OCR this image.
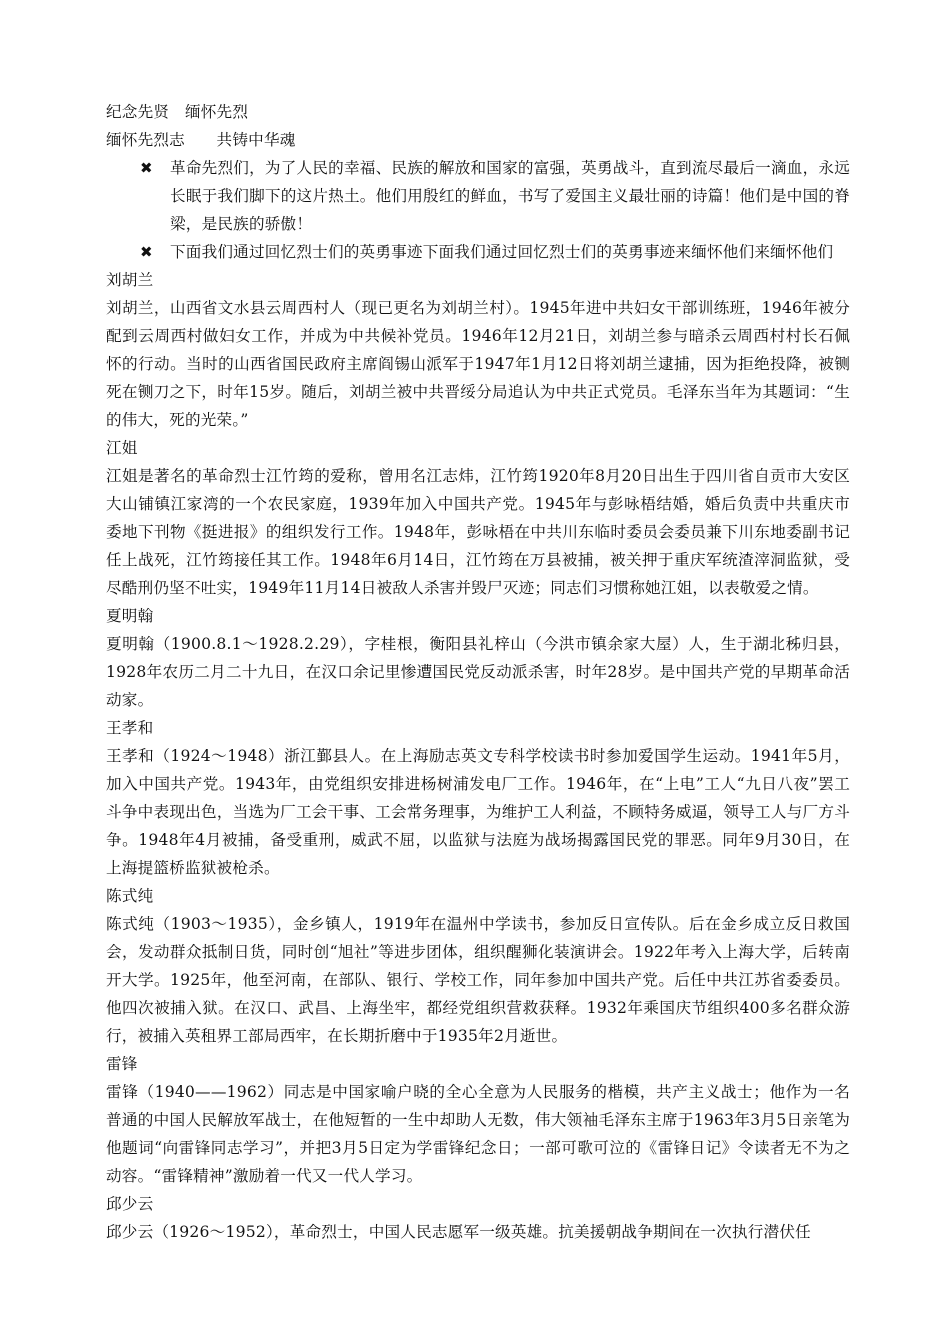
纪念先贤　缅怀先烈

缅怀先烈志　　共铸中华魂

✖ 革命先烈们，为了人民的幸福、民族的解放和国家的富强，英勇战斗，直到流尽最后一滴血，永远长眠于我们脚下的这片热土。他们用殷红的鲜血，书写了爱国主义最壮丽的诗篇！他们是中国的脊梁，是民族的骄傲！
✖ 下面我们通过回忆烈士们的英勇事迹下面我们通过回忆烈士们的英勇事迹来缅怀他们来缅怀他们

刘胡兰

刘胡兰，山西省文水县云周西村人（现已更名为刘胡兰村）。1945年进中共妇女干部训练班，1946年被分配到云周西村做妇女工作，并成为中共候补党员。1946年12月21日，刘胡兰参与暗杀云周西村村长石佩怀的行动。当时的山西省国民政府主席阎锡山派军于1947年1月12日将刘胡兰逮捕，因为拒绝投降，被铡死在铡刀之下，时年15岁。随后，刘胡兰被中共晋绥分局追认为中共正式党员。毛泽东当年为其题词：“生的伟大，死的光荣。”

江姐

江姐是著名的革命烈士江竹筠的爱称，曾用名江志炜，江竹筠1920年8月20日出生于四川省自贡市大安区大山铺镇江家湾的一个农民家庭，1939年加入中国共产党。1945年与彭咏梧结婚，婚后负责中共重庆市委地下刊物《挺进报》的组织发行工作。1948年，彭咏梧在中共川东临时委员会委员兼下川东地委副书记任上战死，江竹筠接任其工作。1948年6月14日，江竹筠在万县被捕，被关押于重庆军统渣滓洞监狱，受尽酷刑仍坚不吐实，1949年11月14日被敌人杀害并毁尸灭迹；同志们习惯称她江姐，以表敬爱之情。

夏明翰

夏明翰（1900.8.1～1928.2.29），字桂根，衡阳县礼梓山（今洪市镇余家大屋）人，生于湖北秭归县，1928年农历二月二十九日，在汉口余记里惨遭国民党反动派杀害，时年28岁。是中国共产党的早期革命活动家。

王孝和

王孝和（1924～1948）浙江鄞县人。在上海励志英文专科学校读书时参加爱国学生运动。1941年5月，加入中国共产党。1943年，由党组织安排进杨树浦发电厂工作。1946年，在“上电”工人“九日八夜”罢工斗争中表现出色，当选为厂工会干事、工会常务理事，为维护工人利益，不顾特务威逼，领导工人与厂方斗争。1948年4月被捕，备受重刑，威武不屈，以监狱与法庭为战场揭露国民党的罪恶。同年9月30日，在上海提篮桥监狱被枪杀。

陈式纯

陈式纯（1903～1935），金乡镇人，1919年在温州中学读书，参加反日宣传队。后在金乡成立反日救国会，发动群众抵制日货，同时创“旭社”等进步团体，组织醒狮化装演讲会。1922年考入上海大学，后转南开大学。1925年，他至河南，在部队、银行、学校工作，同年参加中国共产党。后任中共江苏省委委员。他四次被捕入狱。在汉口、武昌、上海坐牢，都经党组织营救获释。1932年乘国庆节组织400多名群众游行，被捕入英租界工部局西牢，在长期折磨中于1935年2月逝世。

雷锋

雷锋（1940——1962）同志是中国家喻户晓的全心全意为人民服务的楷模，共产主义战士；他作为一名普通的中国人民解放军战士，在他短暂的一生中却助人无数，伟大领袖毛泽东主席于1963年3月5日亲笔为他题词“向雷锋同志学习”，并把3月5日定为学雷锋纪念日；一部可歌可泣的《雷锋日记》令读者无不为之动容。“雷锋精神”激励着一代又一代人学习。

邱少云

邱少云（1926～1952），革命烈士，中国人民志愿军一级英雄。抗美援朝战争期间在一次执行潜伏任
